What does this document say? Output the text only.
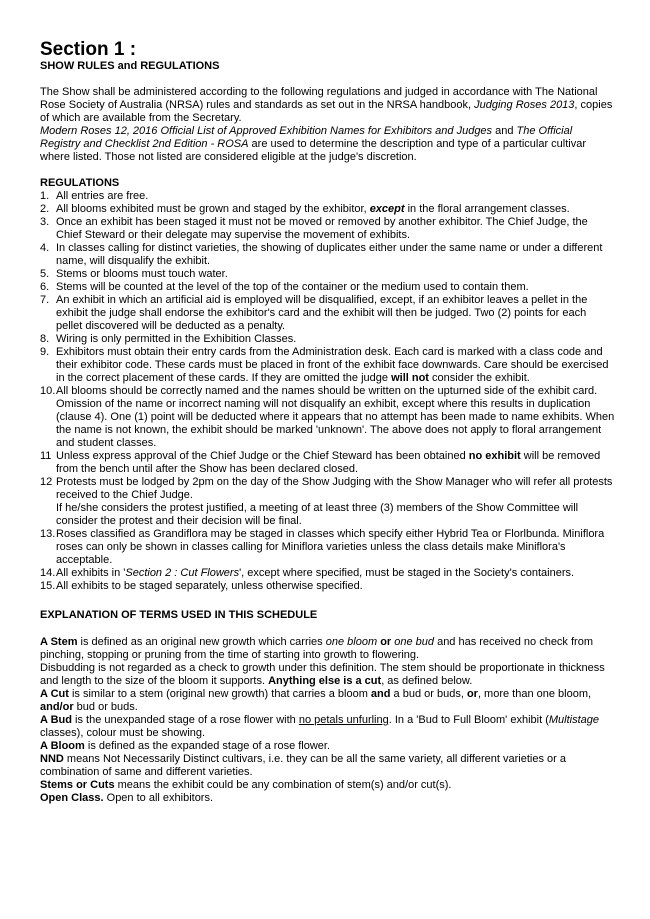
Section 1 :
SHOW RULES and REGULATIONS
The Show shall be administered according to the following regulations and judged in accordance with The National Rose Society of Australia (NRSA) rules and standards as set out in the NRSA handbook, Judging Roses 2013, copies of which are available from the Secretary.
Modern Roses 12, 2016 Official List of Approved Exhibition Names for Exhibitors and Judges and The Official Registry and Checklist 2nd Edition - ROSA are used to determine the description and type of a particular cultivar where listed. Those not listed are considered eligible at the judge's discretion.
REGULATIONS
1. All entries are free.
2. All blooms exhibited must be grown and staged by the exhibitor, except in the floral arrangement classes.
3. Once an exhibit has been staged it must not be moved or removed by another exhibitor. The Chief Judge, the Chief Steward or their delegate may supervise the movement of exhibits.
4. In classes calling for distinct varieties, the showing of duplicates either under the same name or under a different name, will disqualify the exhibit.
5. Stems or blooms must touch water.
6. Stems will be counted at the level of the top of the container or the medium used to contain them.
7. An exhibit in which an artificial aid is employed will be disqualified, except, if an exhibitor leaves a pellet in the exhibit the judge shall endorse the exhibitor's card and the exhibit will then be judged. Two (2) points for each pellet discovered will be deducted as a penalty.
8. Wiring is only permitted in the Exhibition Classes.
9. Exhibitors must obtain their entry cards from the Administration desk. Each card is marked with a class code and their exhibitor code. These cards must be placed in front of the exhibit face downwards. Care should be exercised in the correct placement of these cards. If they are omitted the judge will not consider the exhibit.
10. All blooms should be correctly named and the names should be written on the upturned side of the exhibit card. Omission of the name or incorrect naming will not disqualify an exhibit, except where this results in duplication (clause 4). One (1) point will be deducted where it appears that no attempt has been made to name exhibits. When the name is not known, the exhibit should be marked 'unknown'. The above does not apply to floral arrangement and student classes.
11 Unless express approval of the Chief Judge or the Chief Steward has been obtained no exhibit will be removed from the bench until after the Show has been declared closed.
12 Protests must be lodged by 2pm on the day of the Show Judging with the Show Manager who will refer all protests received to the Chief Judge.
If he/she considers the protest justified, a meeting of at least three (3) members of the Show Committee will consider the protest and their decision will be final.
13. Roses classified as Grandiflora may be staged in classes which specify either Hybrid Tea or Florlbunda. Miniflora roses can only be shown in classes calling for Miniflora varieties unless the class details make Miniflora's acceptable.
14. All exhibits in 'Section 2 : Cut Flowers', except where specified, must be staged in the Society's containers.
15. All exhibits to be staged separately, unless otherwise specified.
EXPLANATION OF TERMS USED IN THIS SCHEDULE

A Stem is defined as an original new growth which carries one bloom or one bud and has received no check from pinching, stopping or pruning from the time of starting into growth to flowering.

Disbudding is not regarded as a check to growth under this definition. The stem should be proportionate in thickness and length to the size of the bloom it supports. Anything else is a cut, as defined below.

A Cut is similar to a stem (original new growth) that carries a bloom and a bud or buds, or, more than one bloom, and/or bud or buds.

A Bud is the unexpanded stage of a rose flower with no petals unfurling. In a 'Bud to Full Bloom' exhibit (Multistage classes), colour must be showing.

A Bloom is defined as the expanded stage of a rose flower.

NND means Not Necessarily Distinct cultivars, i.e. they can be all the same variety, all different varieties or a combination of same and different varieties.

Stems or Cuts means the exhibit could be any combination of stem(s) and/or cut(s).

Open Class. Open to all exhibitors.
